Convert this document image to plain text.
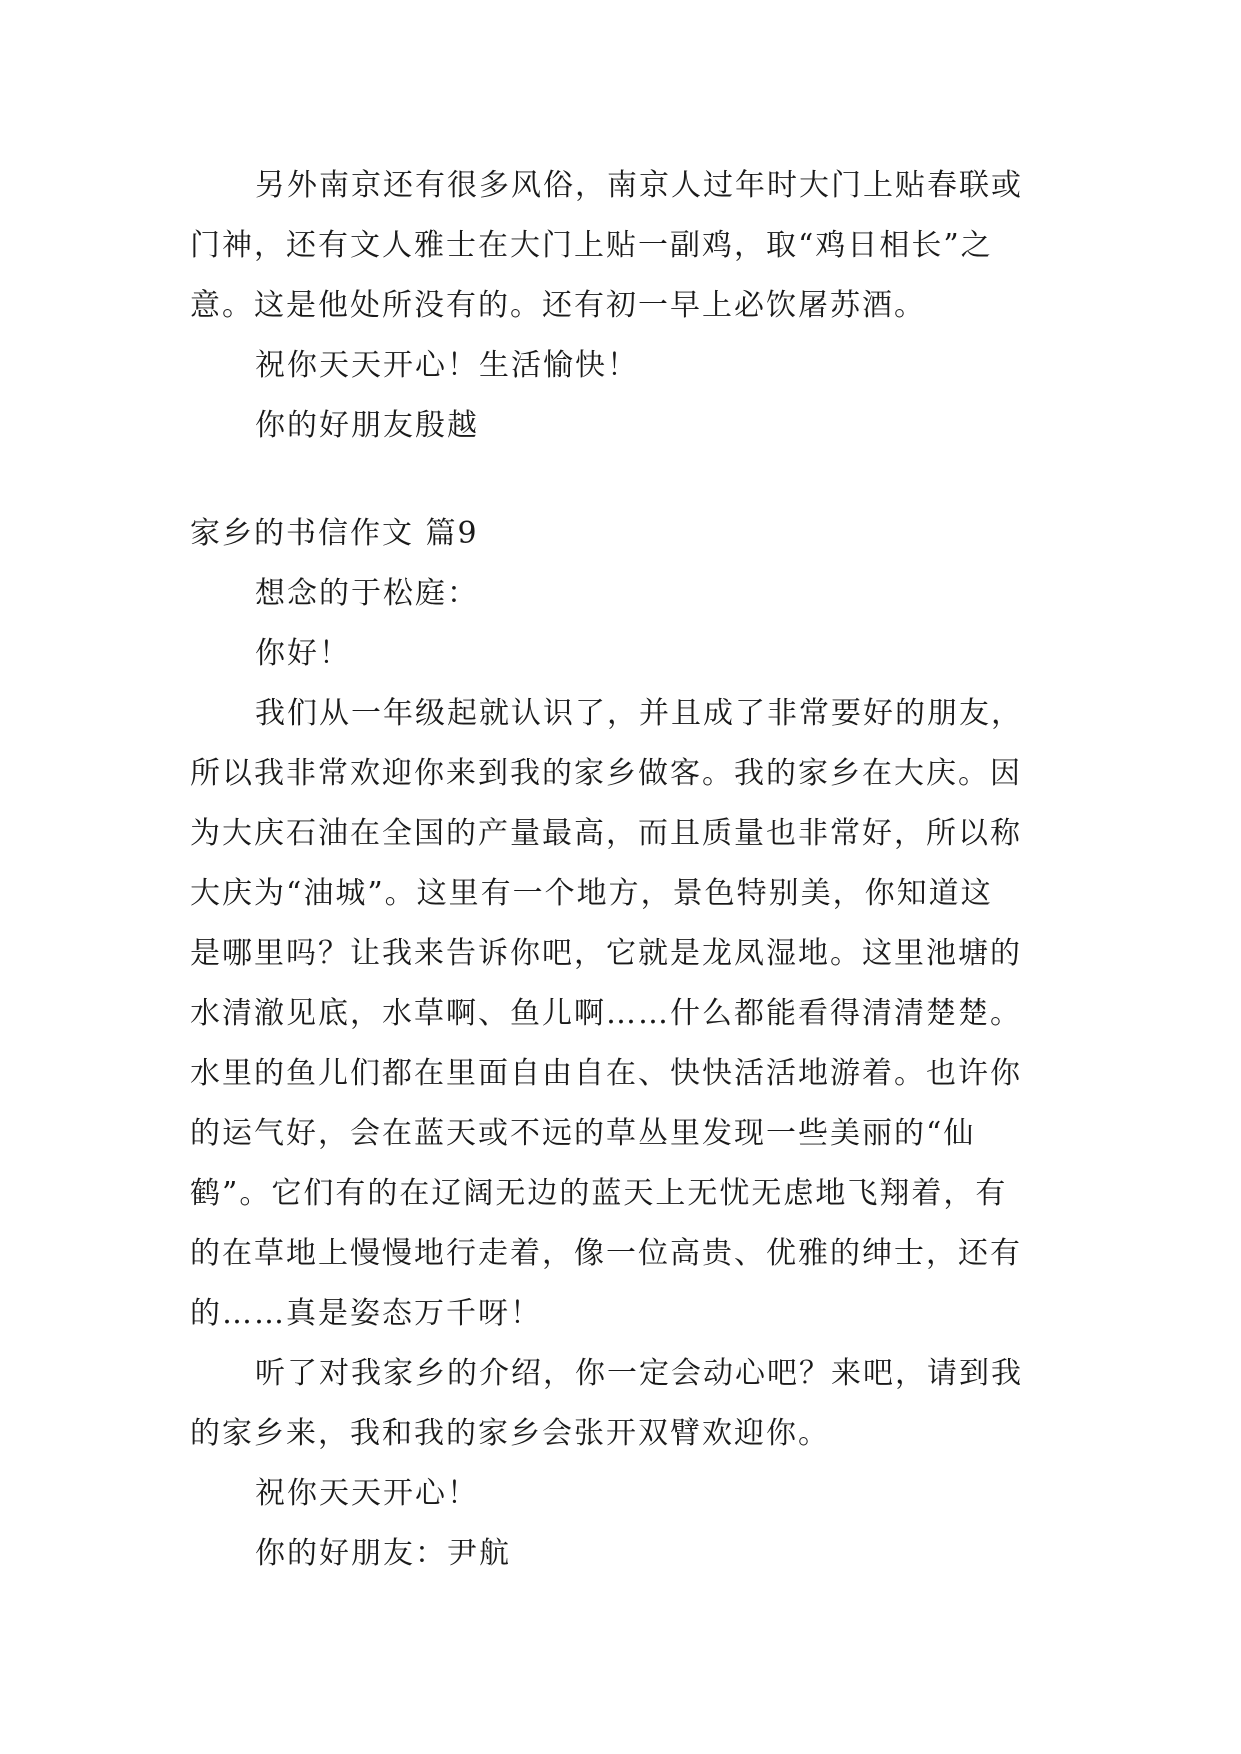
另外南京还有很多风俗，南京人过年时大门上贴春联或
门神，还有文人雅士在大门上贴一副鸡，取“鸡日相长”之
意。这是他处所没有的。还有初一早上必饮屠苏酒。
祝你天天开心！生活愉快！
你的好朋友殷越
家乡的书信作文 篇9
想念的于松庭：
你好！
我们从一年级起就认识了，并且成了非常要好的朋友，
所以我非常欢迎你来到我的家乡做客。我的家乡在大庆。因
为大庆石油在全国的产量最高，而且质量也非常好，所以称
大庆为“油城”。这里有一个地方，景色特别美，你知道这
是哪里吗？让我来告诉你吧，它就是龙凤湿地。这里池塘的
水清澈见底，水草啊、鱼儿啊……什么都能看得清清楚楚。
水里的鱼儿们都在里面自由自在、快快活活地游着。也许你
的运气好，会在蓝天或不远的草丛里发现一些美丽的“仙
鹤”。它们有的在辽阔无边的蓝天上无忧无虑地飞翔着，有
的在草地上慢慢地行走着，像一位高贵、优雅的绅士，还有
的……真是姿态万千呀！
听了对我家乡的介绍，你一定会动心吧？来吧，请到我
的家乡来，我和我的家乡会张开双臂欢迎你。
祝你天天开心！
你的好朋友：尹航
